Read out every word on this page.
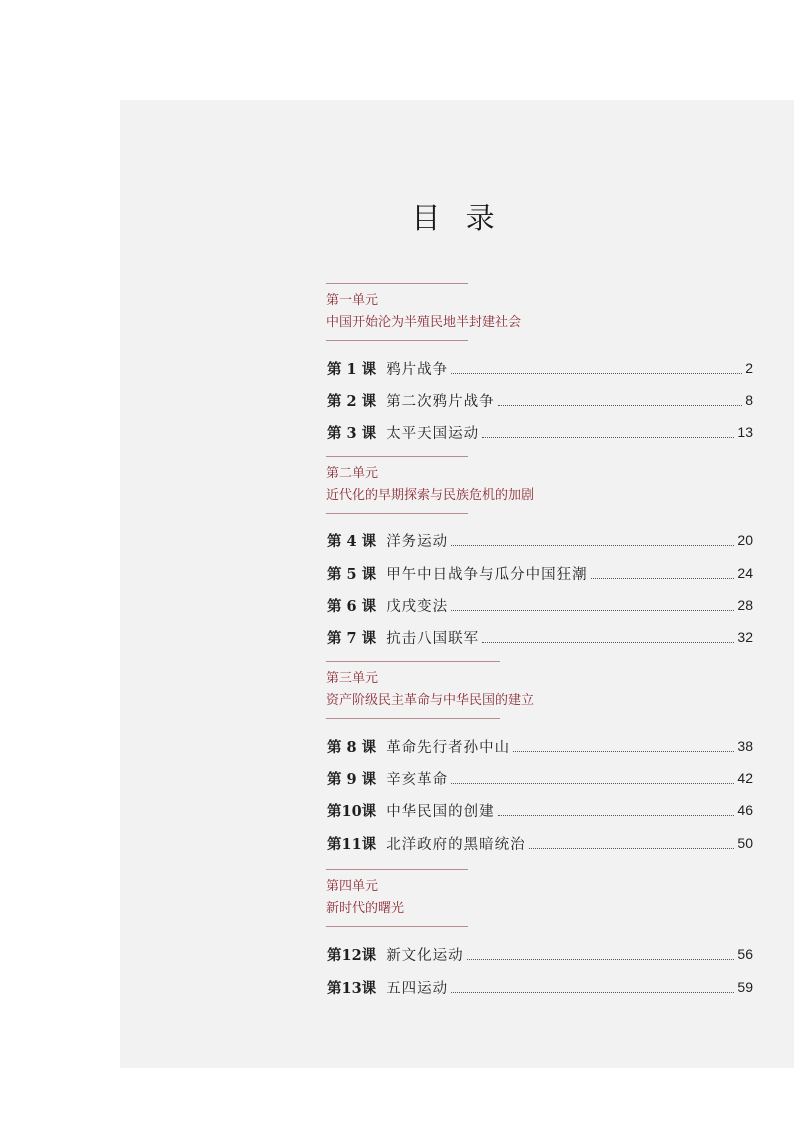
目 录
第一单元
中国开始沦为半殖民地半封建社会
第 1 课 鸦片战争	2
第 2 课 第二次鸦片战争	8
第 3 课 太平天国运动	13
第二单元
近代化的早期探索与民族危机的加剧
第 4 课 洋务运动	20
第 5 课 甲午中日战争与瓜分中国狂潮	24
第 6 课 戊戌变法	28
第 7 课 抗击八国联军	32
第三单元
资产阶级民主革命与中华民国的建立
第 8 课 革命先行者孙中山	38
第 9 课 辛亥革命	42
第10课 中华民国的创建	46
第11课 北洋政府的黑暗统治	50
第四单元
新时代的曙光
第12课 新文化运动	56
第13课 五四运动	59
